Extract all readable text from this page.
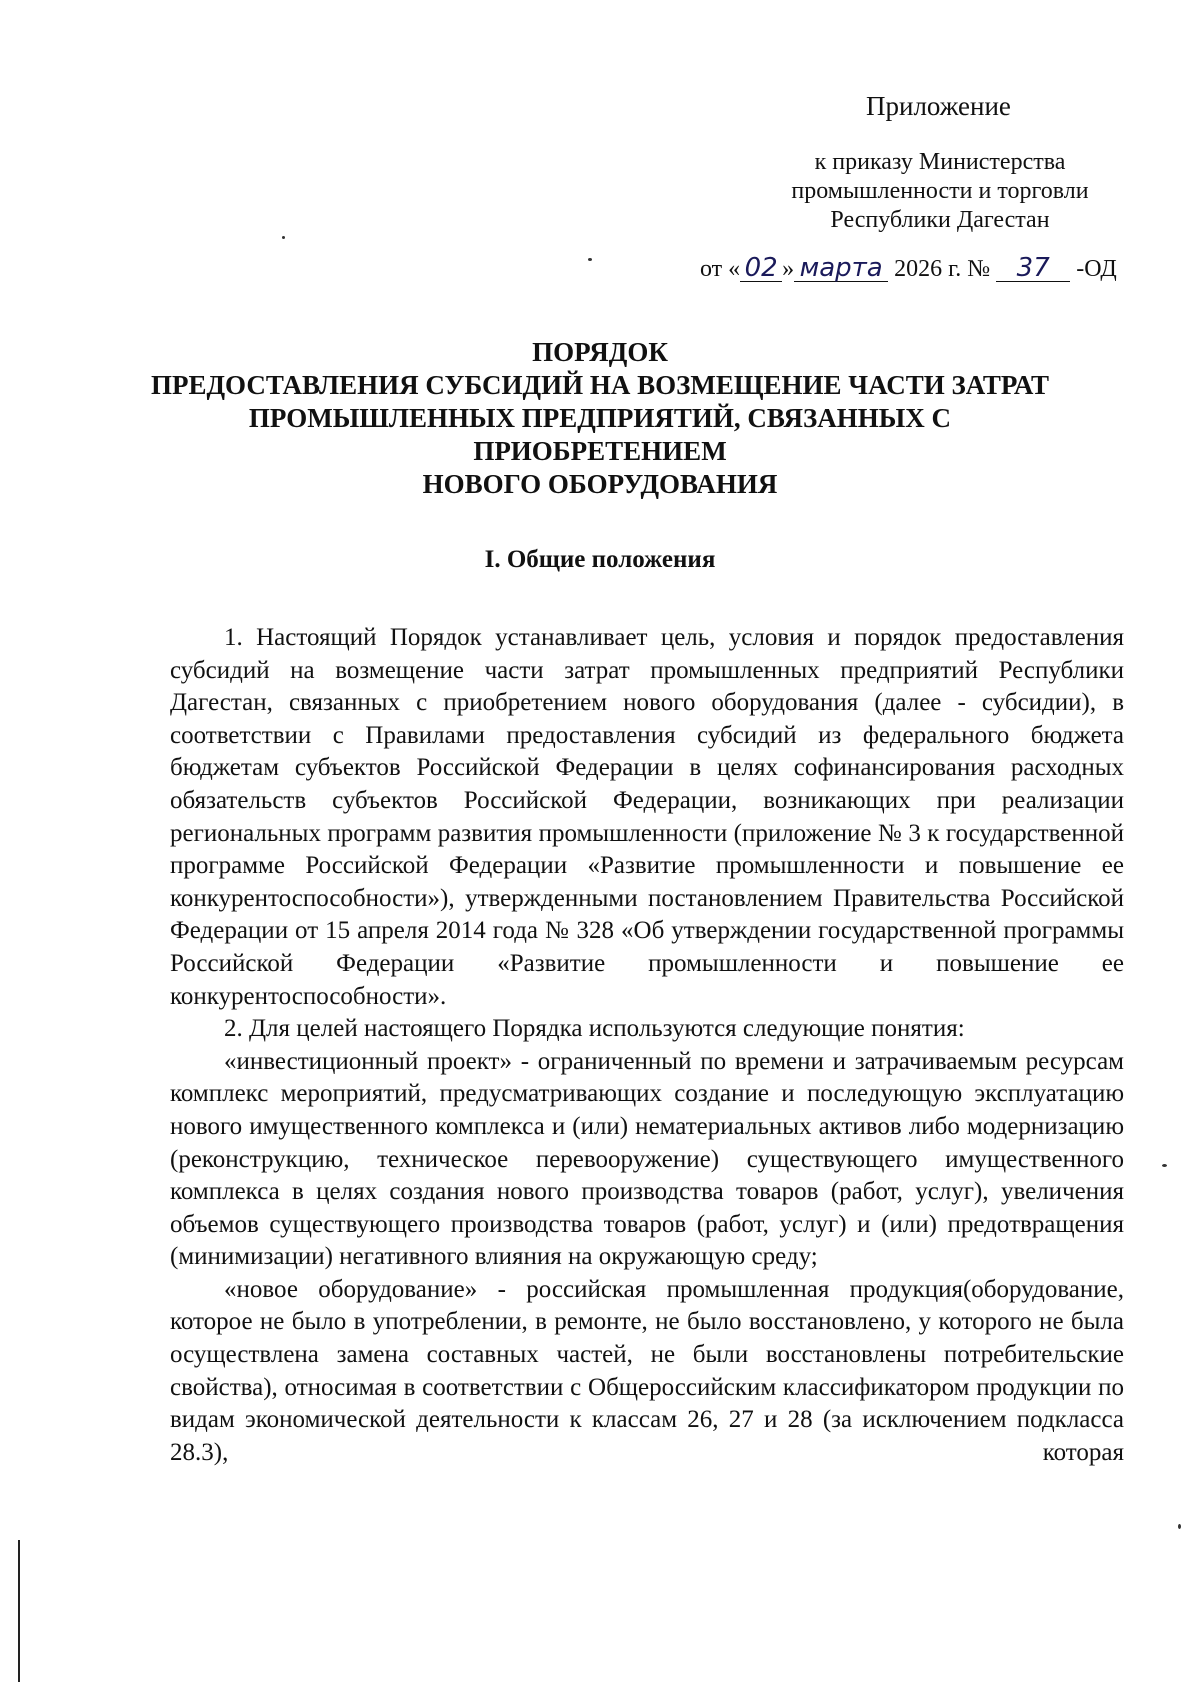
Приложение
к приказу Министерства
промышленности и торговли
Республики Дагестан
от « 02 » марта 2026 г. № 37 -ОД
ПОРЯДОК
ПРЕДОСТАВЛЕНИЯ СУБСИДИЙ НА ВОЗМЕЩЕНИЕ ЧАСТИ ЗАТРАТ
ПРОМЫШЛЕННЫХ ПРЕДПРИЯТИЙ, СВЯЗАННЫХ С
ПРИОБРЕТЕНИЕМ
НОВОГО ОБОРУДОВАНИЯ
I. Общие положения

1. Настоящий Порядок устанавливает цель, условия и порядок предоставления субсидий на возмещение части затрат промышленных предприятий Республики Дагестан, связанных с приобретением нового оборудования (далее - субсидии), в соответствии с Правилами предоставления субсидий из федерального бюджета бюджетам субъектов Российской Федерации в целях софинансирования расходных обязательств субъектов Российской Федерации, возникающих при реализации региональных программ развития промышленности (приложение № 3 к государственной программе Российской Федерации «Развитие промышленности и повышение ее конкурентоспособности»), утвержденными постановлением Правительства Российской Федерации от 15 апреля 2014 года № 328 «Об утверждении государственной программы Российской Федерации «Развитие промышленности и повышение ее конкурентоспособности».

2. Для целей настоящего Порядка используются следующие понятия:

«инвестиционный проект» - ограниченный по времени и затрачиваемым ресурсам комплекс мероприятий, предусматривающих создание и последующую эксплуатацию нового имущественного комплекса и (или) нематериальных активов либо модернизацию (реконструкцию, техническое перевооружение) существующего имущественного комплекса в целях создания нового производства товаров (работ, услуг), увеличения объемов существующего производства товаров (работ, услуг) и (или) предотвращения (минимизации) негативного влияния на окружающую среду;

«новое оборудование» - российская промышленная продукция(оборудование, которое не было в употреблении, в ремонте, не было восстановлено, у которого не была осуществлена замена составных частей, не были восстановлены потребительские свойства), относимая в соответствии с Общероссийским классификатором продукции по видам экономической деятельности к классам 26, 27 и 28 (за исключением подкласса 28.3), которая
